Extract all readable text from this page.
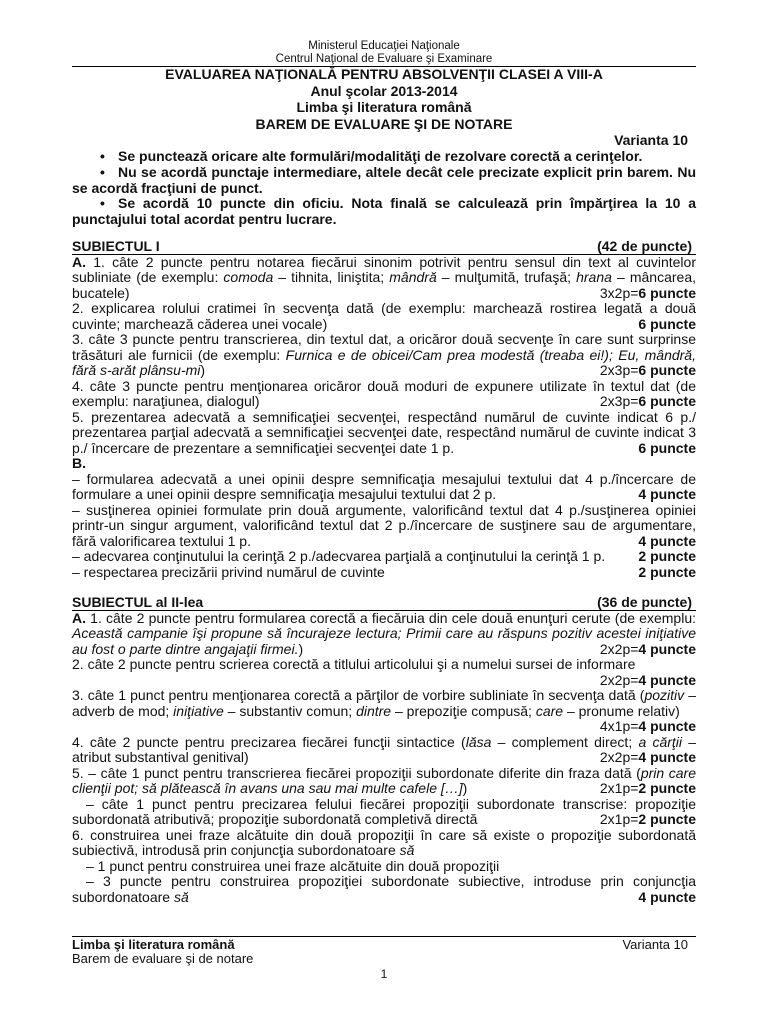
Ministerul Educaţiei Naţionale
Centrul Naţional de Evaluare şi Examinare
EVALUAREA NAŢIONALĂ PENTRU ABSOLVENŢII CLASEI A VIII-A
Anul şcolar 2013-2014
Limba şi literatura română
BAREM DE EVALUARE ŞI DE NOTARE
Varianta 10

•Se punctează oricare alte formulări/modalităţi de rezolvare corectă a cerinţelor.

•Nu se acordă punctaje intermediare, altele decât cele precizate explicit prin barem. Nu se acordă fracţiuni de punct.

•Se acordă 10 puncte din oficiu. Nota finală se calculează prin împărţirea la 10 a punctajului total acordat pentru lucrare.

SUBIECTUL I	(42 de puncte)

A. 1. câte 2 puncte pentru notarea fiecărui sinonim potrivit pentru sensul din text al cuvintelor subliniate (de exemplu: comoda – tihnita, liniştita; mândră – mulţumită, trufaşă; hrana – mâncarea, bucatele)	3x2p=6 puncte

2. explicarea rolului cratimei în secvenţa dată (de exemplu: marchează rostirea legată a două cuvinte; marchează căderea unei vocale)	6 puncte

3. câte 3 puncte pentru transcrierea, din textul dat, a oricăror două secvenţe în care sunt surprinse trăsături ale furnicii (de exemplu: Furnica e de obicei/Cam prea modestă (treaba ei!); Eu, mândră, fără s-arăt plânsu-mi)	2x3p=6 puncte

4. câte 3 puncte pentru menţionarea oricăror două moduri de expunere utilizate în textul dat (de exemplu: naraţiunea, dialogul)	2x3p=6 puncte

5. prezentarea adecvată a semnificaţiei secvenţei, respectând numărul de cuvinte indicat 6 p./ prezentarea parţial adecvată a semnificaţiei secvenţei date, respectând numărul de cuvinte indicat 3 p./ încercare de prezentare a semnificaţiei secvenţei date 1 p.	6 puncte

B.

– formularea adecvată a unei opinii despre semnificaţia mesajului textului dat 4 p./încercare de formulare a unei opinii despre semnificaţia mesajului textului dat 2 p.	4 puncte

– susţinerea opiniei formulate prin două argumente, valorificând textul dat 4 p./susţinerea opiniei printr-un singur argument, valorificând textul dat 2 p./încercare de susţinere sau de argumentare, fără valorificarea textului 1 p.	4 puncte

– adecvarea conţinutului la cerinţă 2 p./adecvarea parţială a conţinutului la cerinţă 1 p. 2 puncte

– respectarea precizării privind numărul de cuvinte	2 puncte

SUBIECTUL al II-lea	(36 de puncte)

A. 1. câte 2 puncte pentru formularea corectă a fiecăruia din cele două enunţuri cerute (de exemplu: Această campanie îşi propune să încurajeze lectura; Primii care au răspuns pozitiv acestei iniţiative au fost o parte dintre angajaţii firmei.)	2x2p=4 puncte

2. câte 2 puncte pentru scrierea corectă a titlului articolului şi a numelui sursei de informare
2x2p=4 puncte

3. câte 1 punct pentru menţionarea corectă a părţilor de vorbire subliniate în secvenţa dată (pozitiv – adverb de mod; iniţiative – substantiv comun; dintre – prepoziţie compusă; care – pronume relativ)
4x1p=4 puncte

4. câte 2 puncte pentru precizarea fiecărei funcţii sintactice (lăsa – complement direct; a cărţii – atribut substantival genitival)	2x2p=4 puncte

5. – câte 1 punct pentru transcrierea fiecărei propoziţii subordonate diferite din fraza dată (prin care clienţii pot; să plătească în avans una sau mai multe cafele […])	2x1p=2 puncte

– câte 1 punct pentru precizarea felului fiecărei propoziţii subordonate transcrise: propoziţie subordonată atributivă; propoziţie subordonată completivă directă	2x1p=2 puncte

6. construirea unei fraze alcătuite din două propoziţii în care să existe o propoziţie subordonată subiectivă, introdusă prin conjuncţia subordonatoare să

– 1 punct pentru construirea unei fraze alcătuite din două propoziţii

– 3 puncte pentru construirea propoziţiei subordonate subiective, introduse prin conjuncţia subordonatoare să	4 puncte

Limba şi literatura română	Varianta 10
Barem de evaluare şi de notare
1
